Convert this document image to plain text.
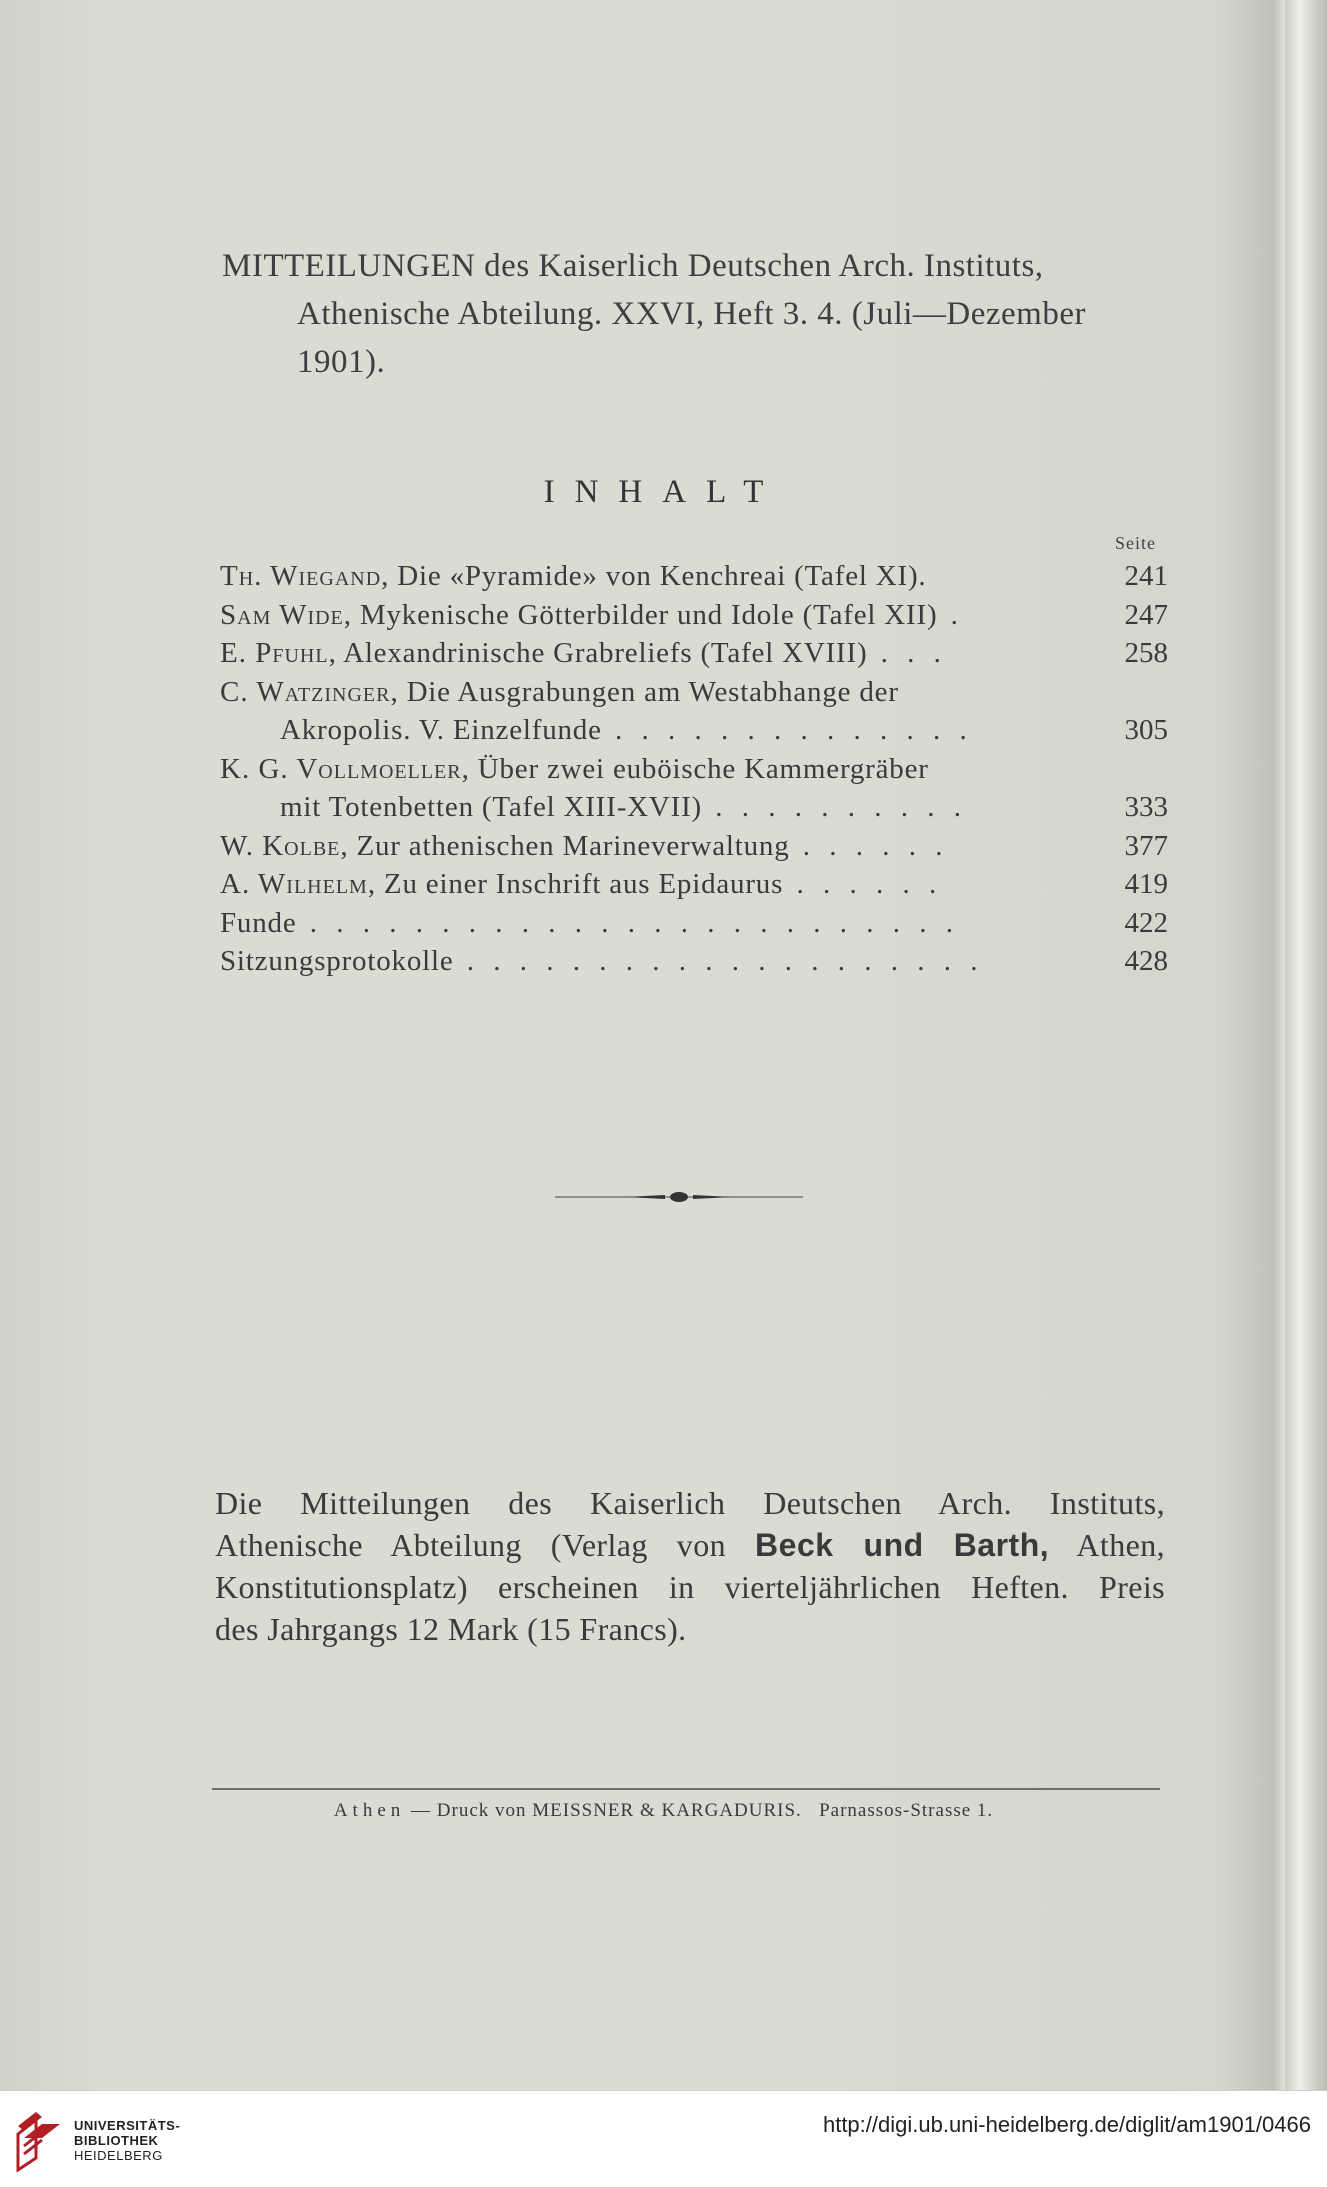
MITTEILUNGEN des Kaiserlich Deutschen Arch. Instituts,
Athenische Abteilung. XXVI, Heft 3. 4. (Juli—Dezember
1901).
INHALT
Seite
Th. Wiegand, Die «Pyramide» von Kenchreai (Tafel XI).	241
Sam Wide, Mykenische Götterbilder und Idole (Tafel XII) .	247
E. Pfuhl, Alexandrinische Grabreliefs (Tafel XVIII) . . .	258
C. Watzinger, Die Ausgrabungen am Westabhange der
Akropolis. V. Einzelfunde . . . . . . . . . . . . . .	305
K. G. Vollmoeller, Über zwei euböische Kammergräber
mit Totenbetten (Tafel XIII-XVII) . . . . . . . . . .	333
W. Kolbe, Zur athenischen Marineverwaltung . . . . . .	377
A. Wilhelm, Zu einer Inschrift aus Epidaurus . . . . . .	419
Funde . . . . . . . . . . . . . . . . . . . . . . . . .	422
Sitzungsprotokolle . . . . . . . . . . . . . . . . . . . .	428
Die Mitteilungen des Kaiserlich Deutschen Arch. Instituts,
Athenische Abteilung (Verlag von Beck und Barth, Athen,
Konstitutionsplatz) erscheinen in vierteljährlichen Heften. Preis
des Jahrgangs 12 Mark (15 Francs).
Athen — Druck von MEISSNER & KARGADURIS. Parnassos-Strasse 1.
UNIVERSITÄTS-
BIBLIOTHEK
HEIDELBERG
http://digi.ub.uni-heidelberg.de/diglit/am1901/0466
